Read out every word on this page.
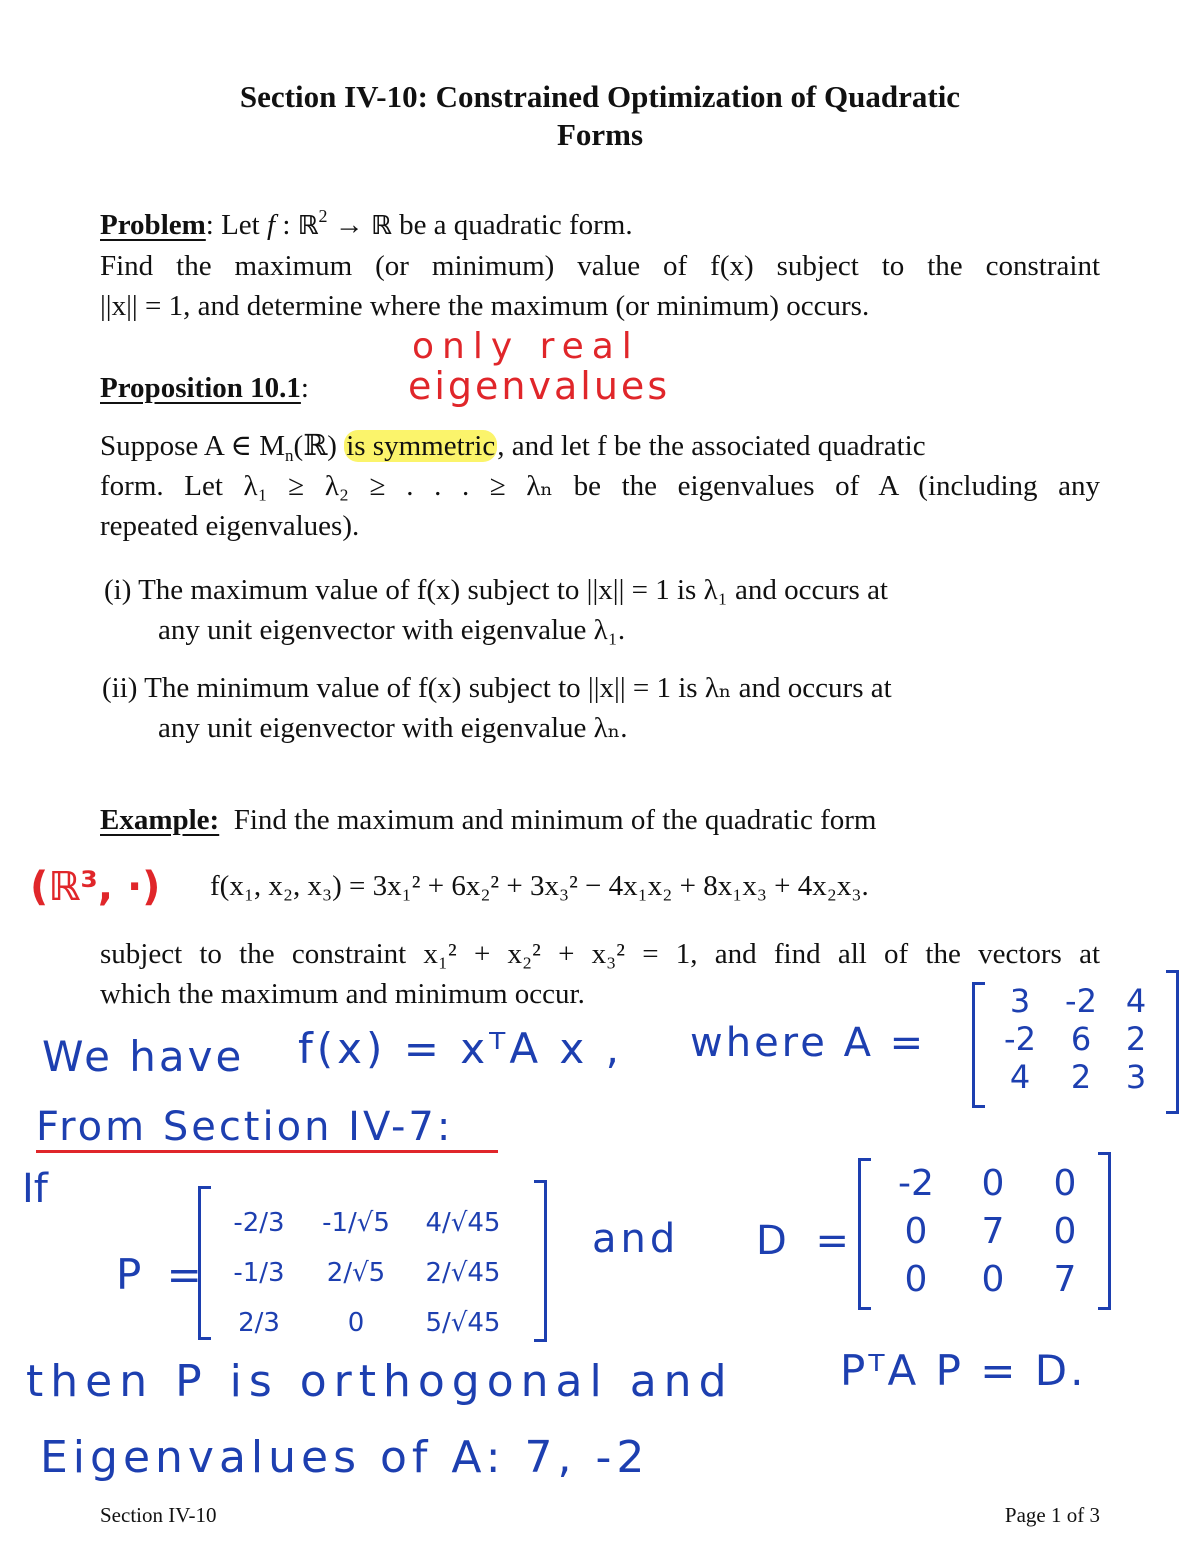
Section IV-10: Constrained Optimization of Quadratic
Forms
Problem: Let f : ℝ$^2$ → ℝ be a quadratic form.
Find the maximum (or minimum) value of f(x) subject to the constraint
||x|| = 1, and determine where the maximum (or minimum) occurs.
Proposition 10.1:
Suppose A ∈ $M_n(ℝ)$ is symmetric, and let f be the associated quadratic
form. Let λ₁ ≥ λ₂ ≥ . . . ≥ λₙ be the eigenvalues of A (including any
repeated eigenvalues).
(i) The maximum value of f(x) subject to ||x|| = 1 is λ₁ and occurs at
any unit eigenvector with eigenvalue λ₁.
(ii) The minimum value of f(x) subject to ||x|| = 1 is λₙ and occurs at
any unit eigenvector with eigenvalue λₙ.
Example: Find the maximum and minimum of the quadratic form
f(x₁, x₂, x₃) = 3x₁² + 6x₂² + 3x₃² − 4x₁x₂ + 8x₁x₃ + 4x₂x₃.
subject to the constraint x₁² + x₂² + x₃² = 1, and find all of the vectors at
which the maximum and minimum occur.
only real
eigenvalues
(ℝ³, ·)
We have f(x) = xᵀA x , where A =
3	-2	4
-2	6	2
4	2	3
From Section IV-7:
If
P =
-2/3	-1/√5	4/√45
-1/3	2/√5	2/√45
2/3	0	5/√45
and D =
-2	0	0
0	7	0
0	0	7
then P is orthogonal and	PᵀA P = D.
Eigenvalues of A: 7, -2
Section IV-10	Page 1 of 3
